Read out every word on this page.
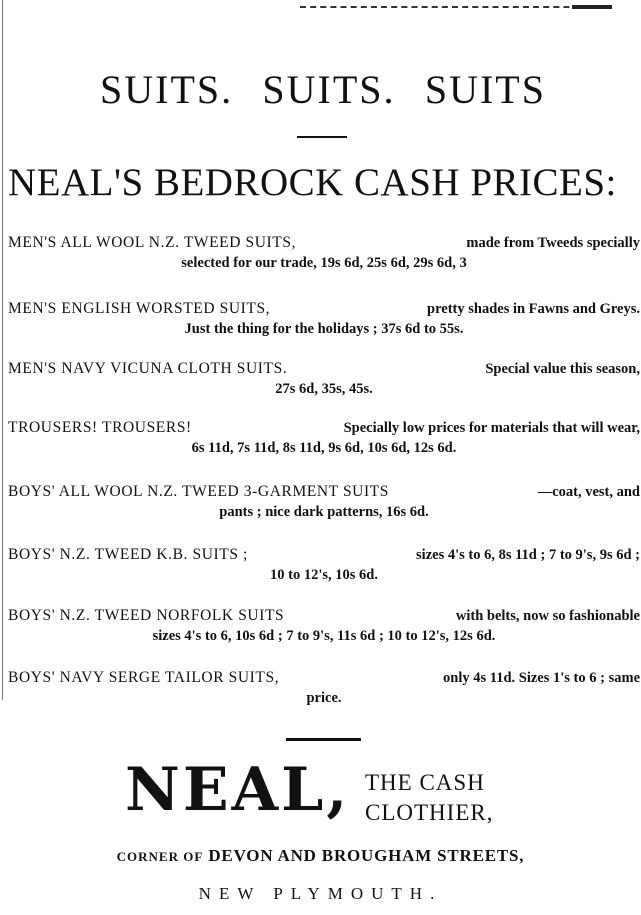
SUITS. SUITS. SUITS
NEAL'S BEDROCK CASH PRICES:
MEN'S ALL WOOL N.Z. TWEED SUITS,	made from Tweeds specially
selected for our trade, 19s 6d, 25s 6d, 29s 6d, 3
MEN'S ENGLISH WORSTED SUITS,	pretty shades in Fawns and Greys.
Just the thing for the holidays ; 37s 6d to 55s.
MEN'S NAVY VICUNA CLOTH SUITS.	Special value this season,
27s 6d, 35s, 45s.
TROUSERS! TROUSERS!	Specially low prices for materials that will wear,
6s 11d, 7s 11d, 8s 11d, 9s 6d, 10s 6d, 12s 6d.
BOYS' ALL WOOL N.Z. TWEED 3-GARMENT SUITS	—coat, vest, and
pants ; nice dark patterns, 16s 6d.
BOYS' N.Z. TWEED K.B. SUITS ;	sizes 4's to 6, 8s 11d ; 7 to 9's, 9s 6d ;
10 to 12's, 10s 6d.
BOYS' N.Z. TWEED NORFOLK SUITS	with belts, now so fashionable
sizes 4's to 6, 10s 6d ; 7 to 9's, 11s 6d ; 10 to 12's, 12s 6d.
BOYS' NAVY SERGE TAILOR SUITS,	only 4s 11d. Sizes 1's to 6 ; same
price.
NEAL, THE CASH
CLOTHIER,
CORNER OF DEVON AND BROUGHAM STREETS,
NEW PLYMOUTH.
